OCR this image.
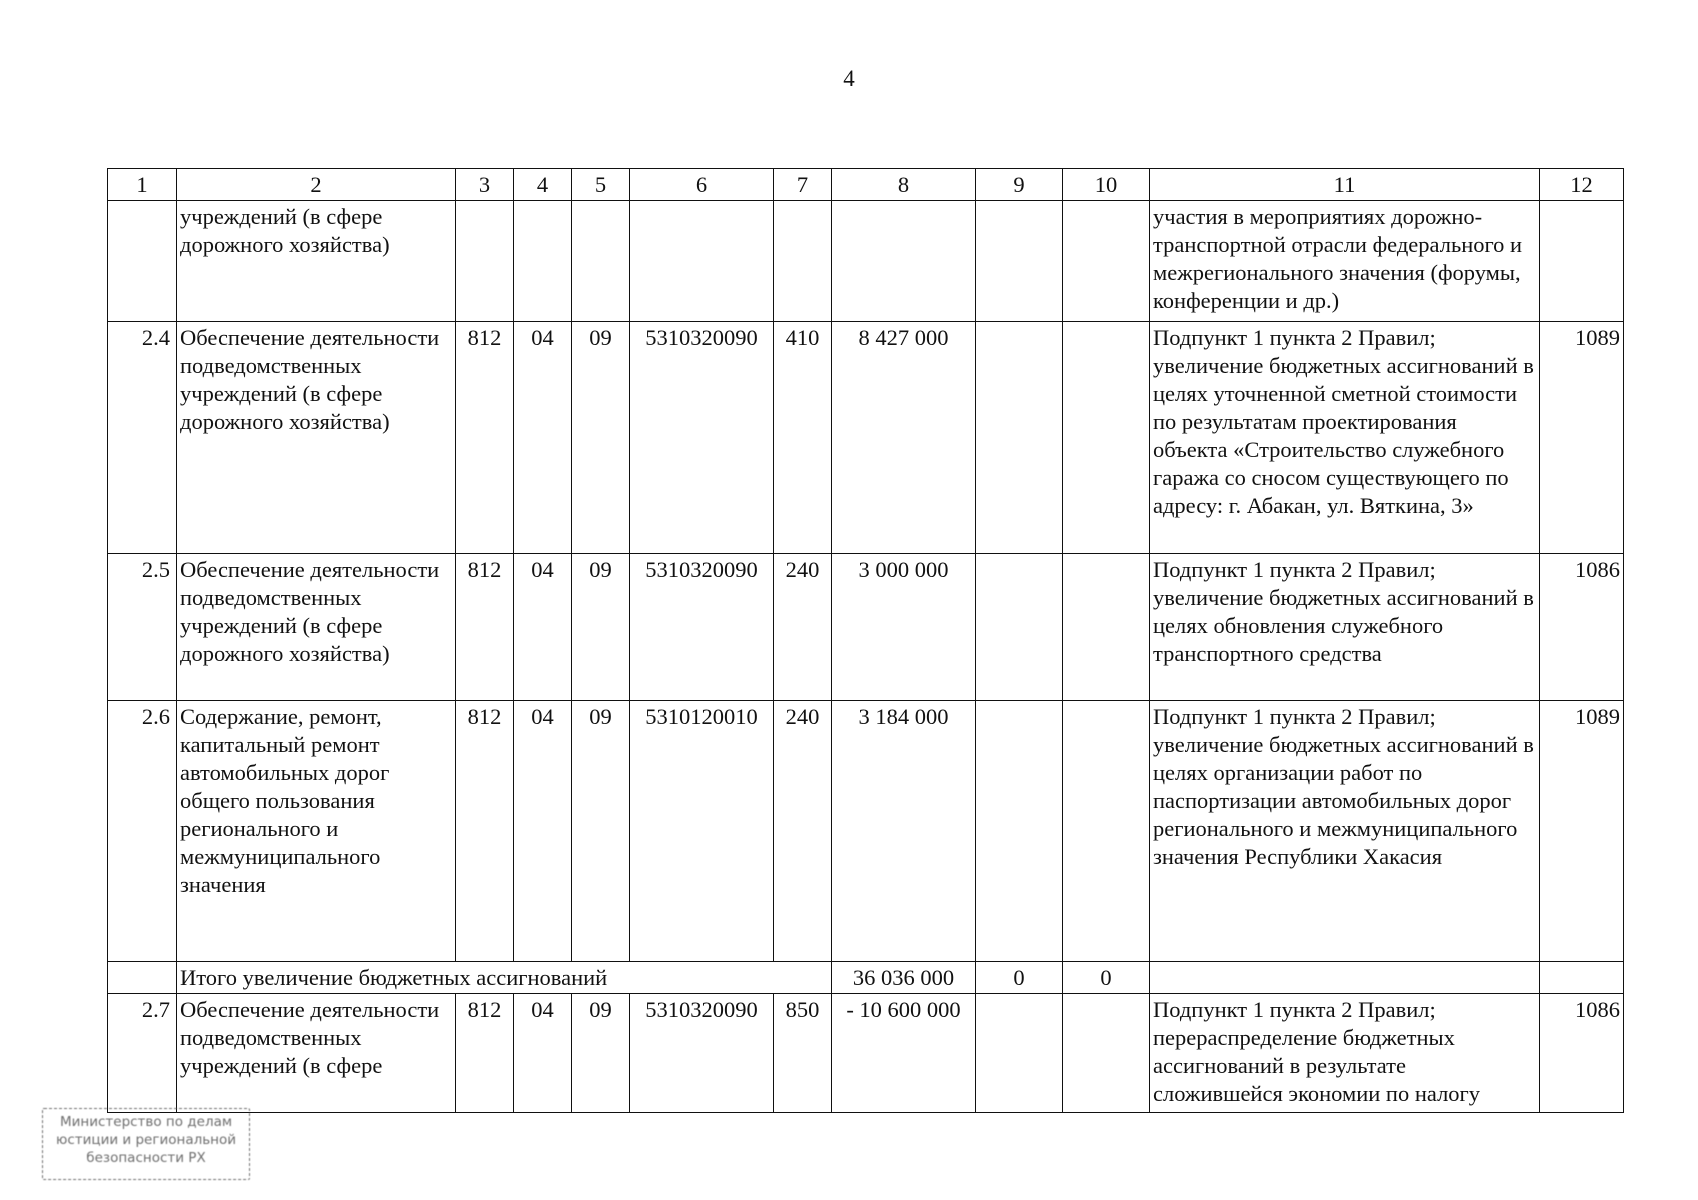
4
1	2	3	4	5	6	7	8	9	10	11	12
	учреждений (в сфере дорожного хозяйства)									участия в мероприятиях дорожно-транспортной отрасли федерального и межрегионального значения (форумы, конференции и др.)	
2.4	Обеспечение деятельности подведомственных учреждений (в сфере дорожного хозяйства)	812	04	09	5310320090	410	8 427 000			Подпункт 1 пункта 2 Правил; увеличение бюджетных ассигнований в целях уточненной сметной стоимости по результатам проектирования объекта «Строительство служебного гаража со сносом существующего по адресу: г. Абакан, ул. Вяткина, 3»	1089
2.5	Обеспечение деятельности подведомственных учреждений (в сфере дорожного хозяйства)	812	04	09	5310320090	240	3 000 000			Подпункт 1 пункта 2 Правил; увеличение бюджетных ассигнований в целях обновления служебного транспортного средства	1086
2.6	Содержание, ремонт, капитальный ремонт автомобильных дорог общего пользования регионального и межмуниципального значения	812	04	09	5310120010	240	3 184 000			Подпункт 1 пункта 2 Правил; увеличение бюджетных ассигнований в целях организации работ по паспортизации автомобильных дорог регионального и межмуниципального значения Республики Хакасия	1089
	Итого увеличение бюджетных ассигнований						36 036 000	0	0		
2.7	Обеспечение деятельности подведомственных учреждений (в сфере	812	04	09	5310320090	850	- 10 600 000			Подпункт 1 пункта 2 Правил; перераспределение бюджетных ассигнований в результате сложившейся экономии по налогу	1086
Министерство по делам
юстиции и региональной
безопасности РХ
